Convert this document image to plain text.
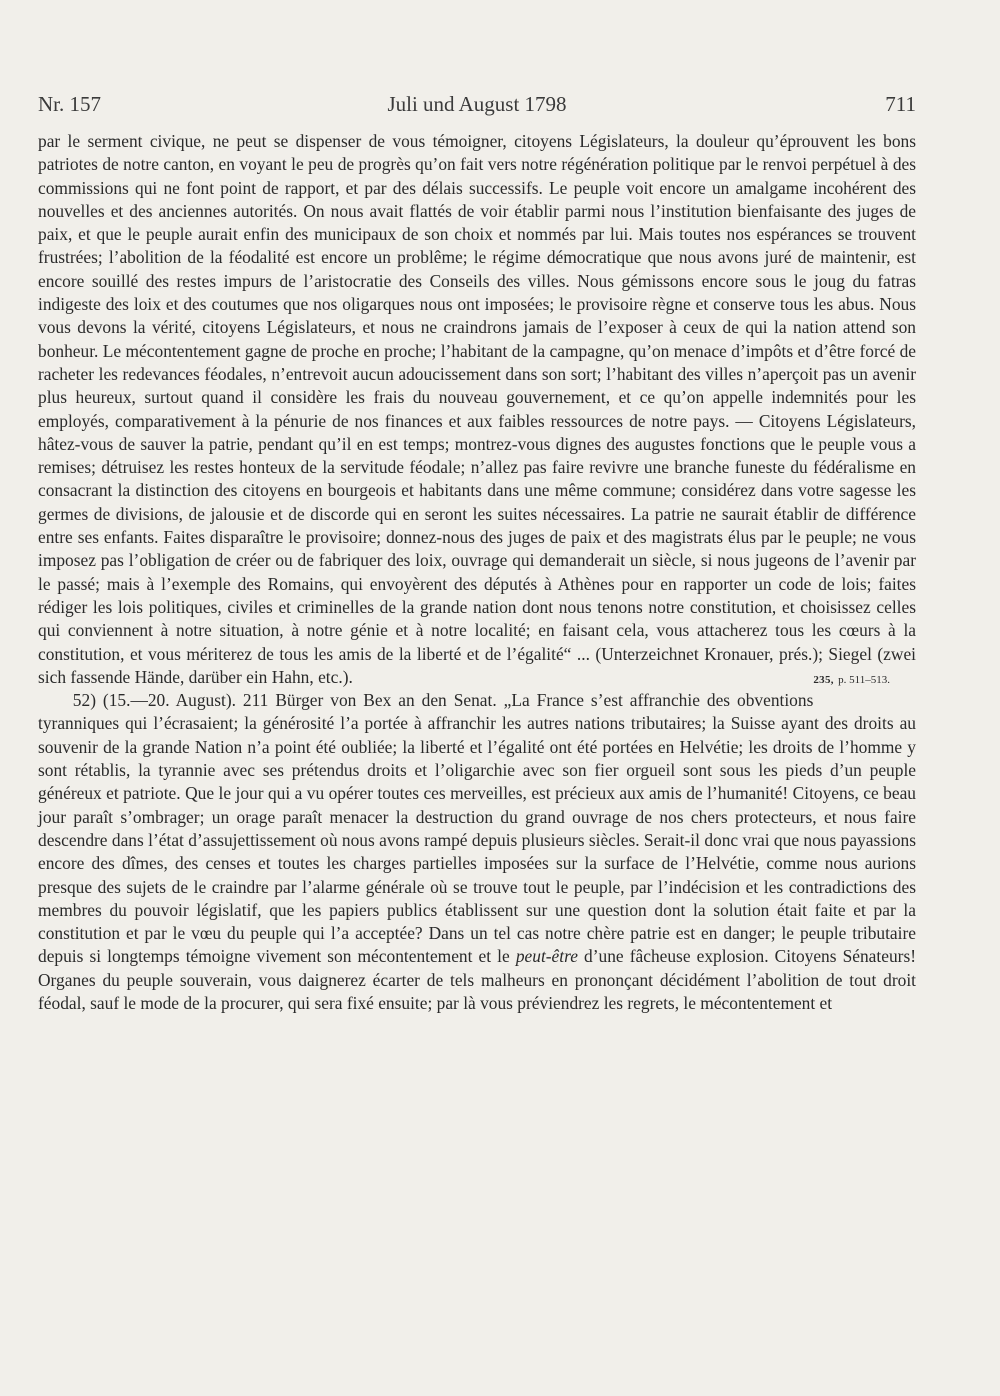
Nr. 157	Juli und August 1798	711

par le serment civique, ne peut se dispenser de vous témoigner, citoyens Législateurs, la douleur qu’éprouvent les bons patriotes de notre canton, en voyant le peu de progrès qu’on fait vers notre régénération politique par le renvoi perpétuel à des commissions qui ne font point de rapport, et par des délais successifs. Le peuple voit encore un amalgame incohérent des nouvelles et des anciennes autorités. On nous avait flattés de voir établir parmi nous l’institution bienfaisante des juges de paix, et que le peuple aurait enfin des municipaux de son choix et nommés par lui. Mais toutes nos espérances se trouvent frustrées; l’abolition de la féodalité est encore un problême; le régime démocratique que nous avons juré de maintenir, est encore souillé des restes impurs de l’aristocratie des Conseils des villes. Nous gémissons encore sous le joug du fatras indigeste des loix et des coutumes que nos oligarques nous ont imposées; le provisoire règne et conserve tous les abus. Nous vous devons la vérité, citoyens Législateurs, et nous ne craindrons jamais de l’exposer à ceux de qui la nation attend son bonheur. Le mécontentement gagne de proche en proche; l’habitant de la campagne, qu’on menace d’impôts et d’être forcé de racheter les redevances féodales, n’entrevoit aucun adoucissement dans son sort; l’habitant des villes n’aperçoit pas un avenir plus heureux, surtout quand il considère les frais du nouveau gouvernement, et ce qu’on appelle indemnités pour les employés, comparativement à la pénurie de nos finances et aux faibles ressources de notre pays. — Citoyens Législateurs, hâtez-vous de sauver la patrie, pendant qu’il en est temps; montrez-vous dignes des augustes fonctions que le peuple vous a remises; détruisez les restes honteux de la servitude féodale; n’allez pas faire revivre une branche funeste du fédéralisme en consacrant la distinction des citoyens en bourgeois et habitants dans une même commune; considérez dans votre sagesse les germes de divisions, de jalousie et de discorde qui en seront les suites nécessaires. La patrie ne saurait établir de différence entre ses enfants. Faites disparaître le provisoire; donnez-nous des juges de paix et des magistrats élus par le peuple; ne vous imposez pas l’obligation de créer ou de fabriquer des loix, ouvrage qui demanderait un siècle, si nous jugeons de l’avenir par le passé; mais à l’exemple des Romains, qui envoyèrent des députés à Athènes pour en rapporter un code de lois; faites rédiger les lois politiques, civiles et criminelles de la grande nation dont nous tenons notre constitution, et choisissez celles qui conviennent à notre situation, à notre génie et à notre localité; en faisant cela, vous attacherez tous les cœurs à la constitution, et vous mériterez de tous les amis de la liberté et de l’égalité“ ... (Unterzeichnet Kronauer, prés.); Siegel (zwei sich fassende Hände, darüber ein Hahn, etc.).	235, p. 511–513.

52) (15.—20. August). 211 Bürger von Bex an den Senat. „La France s’est affranchie des obventions tyranniques qui l’écrasaient; la générosité l’a portée à affranchir les autres nations tributaires; la Suisse ayant des droits au souvenir de la grande Nation n’a point été oubliée; la liberté et l’égalité ont été portées en Helvétie; les droits de l’homme y sont rétablis, la tyrannie avec ses prétendus droits et l’oligarchie avec son fier orgueil sont sous les pieds d’un peuple généreux et patriote. Que le jour qui a vu opérer toutes ces merveilles, est précieux aux amis de l’humanité! Citoyens, ce beau jour paraît s’ombrager; un orage paraît menacer la destruction du grand ouvrage de nos chers protecteurs, et nous faire descendre dans l’état d’assujettissement où nous avons rampé depuis plusieurs siècles. Serait-il donc vrai que nous payassions encore des dîmes, des censes et toutes les charges partielles imposées sur la surface de l’Helvétie, comme nous aurions presque des sujets de le craindre par l’alarme générale où se trouve tout le peuple, par l’indécision et les contradictions des membres du pouvoir législatif, que les papiers publics établissent sur une question dont la solution était faite et par la constitution et par le vœu du peuple qui l’a acceptée? Dans un tel cas notre chère patrie est en danger; le peuple tributaire depuis si longtemps témoigne vivement son mécontentement et le peut-être d’une fâcheuse explosion. Citoyens Sénateurs! Organes du peuple souverain, vous daignerez écarter de tels malheurs en prononçant décidément l’abolition de tout droit féodal, sauf le mode de la procurer, qui sera fixé ensuite; par là vous préviendrez les regrets, le mécontentement et
